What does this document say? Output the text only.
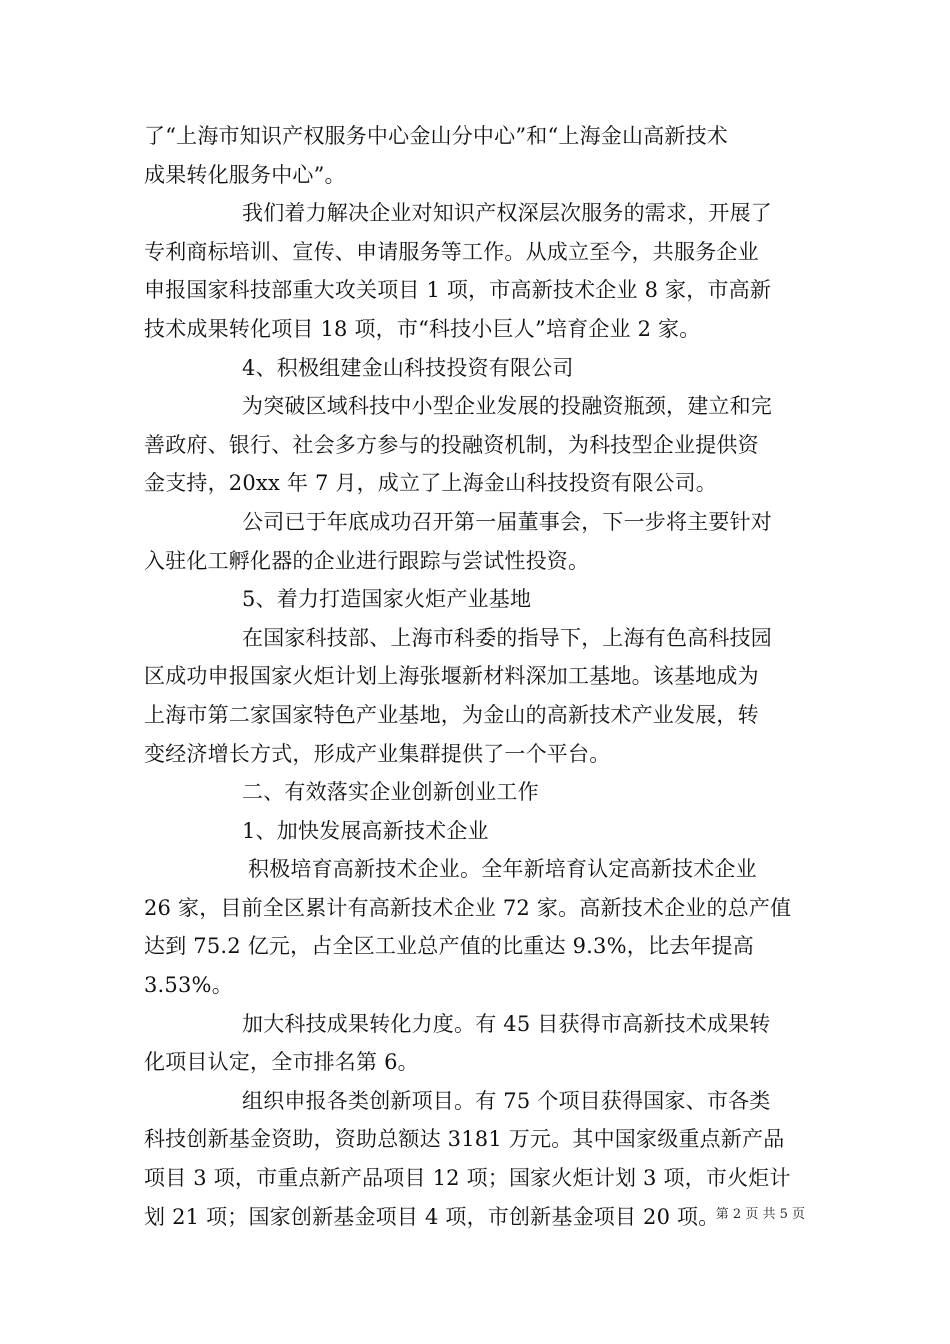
了“上海市知识产权服务中心金山分中心”和“上海金山高新技术
成果转化服务中心”。
我们着力解决企业对知识产权深层次服务的需求，开展了
专利商标培训、宣传、申请服务等工作。从成立至今，共服务企业
申报国家科技部重大攻关项目 1 项，市高新技术企业 8 家，市高新
技术成果转化项目 18 项，市“科技小巨人”培育企业 2 家。
4、积极组建金山科技投资有限公司
为突破区域科技中小型企业发展的投融资瓶颈，建立和完
善政府、银行、社会多方参与的投融资机制，为科技型企业提供资
金支持，20xx 年 7 月，成立了上海金山科技投资有限公司。
公司已于年底成功召开第一届董事会，下一步将主要针对
入驻化工孵化器的企业进行跟踪与尝试性投资。
5、着力打造国家火炬产业基地
在国家科技部、上海市科委的指导下，上海有色高科技园
区成功申报国家火炬计划上海张堰新材料深加工基地。该基地成为
上海市第二家国家特色产业基地，为金山的高新技术产业发展，转
变经济增长方式，形成产业集群提供了一个平台。
二、有效落实企业创新创业工作
1、加快发展高新技术企业
积极培育高新技术企业。全年新培育认定高新技术企业
26 家，目前全区累计有高新技术企业 72 家。高新技术企业的总产值
达到 75.2 亿元，占全区工业总产值的比重达 9.3%，比去年提高
3.53%。
加大科技成果转化力度。有 45 目获得市高新技术成果转
化项目认定，全市排名第 6。
组织申报各类创新项目。有 75 个项目获得国家、市各类
科技创新基金资助，资助总额达 3181 万元。其中国家级重点新产品
项目 3 项，市重点新产品项目 12 项；国家火炬计划 3 项，市火炬计
划 21 项；国家创新基金项目 4 项，市创新基金项目 20 项。
第 2 页 共 5 页
